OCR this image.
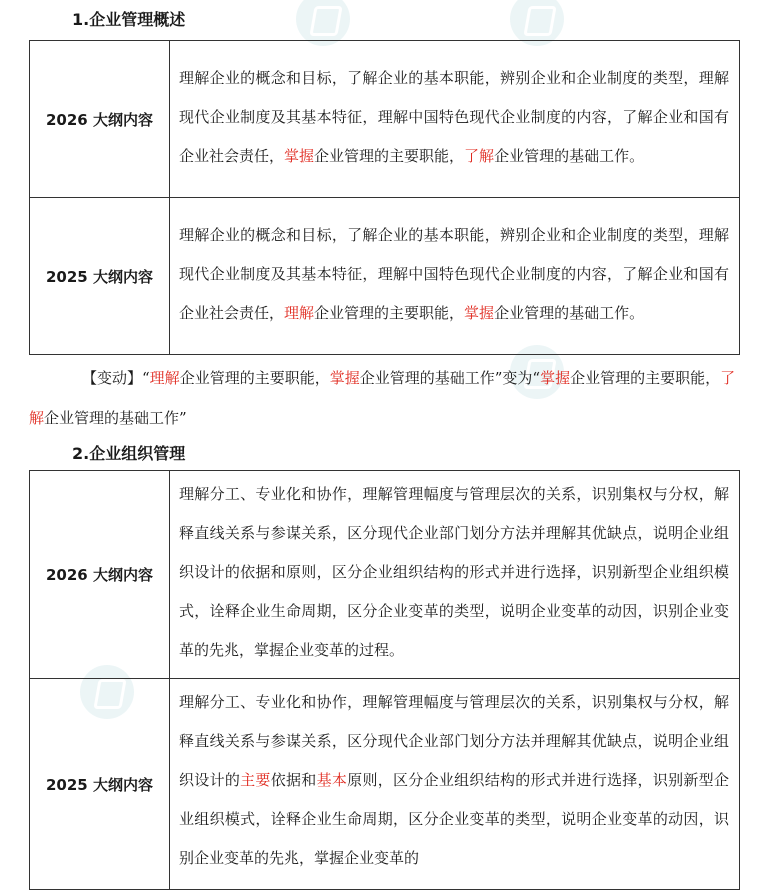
1.企业管理概述
2026 大纲内容	理解企业的概念和目标，了解企业的基本职能，辨别企业和企业制度的类型，理解现代企业制度及其基本特征，理解中国特色现代企业制度的内容，了解企业和国有企业社会责任，掌握企业管理的主要职能，了解企业管理的基础工作。
2025 大纲内容	理解企业的概念和目标，了解企业的基本职能，辨别企业和企业制度的类型，理解现代企业制度及其基本特征，理解中国特色现代企业制度的内容，了解企业和国有企业社会责任，理解企业管理的主要职能，掌握企业管理的基础工作。
【变动】“理解企业管理的主要职能，掌握企业管理的基础工作”变为“掌握企业管理的主要职能，了解企业管理的基础工作”
2.企业组织管理
2026 大纲内容	理解分工、专业化和协作，理解管理幅度与管理层次的关系，识别集权与分权，解释直线关系与参谋关系，区分现代企业部门划分方法并理解其优缺点，说明企业组织设计的依据和原则，区分企业组织结构的形式并进行选择，识别新型企业组织模式，诠释企业生命周期，区分企业变革的类型，说明企业变革的动因，识别企业变革的先兆，掌握企业变革的过程。
2025 大纲内容	理解分工、专业化和协作，理解管理幅度与管理层次的关系，识别集权与分权，解释直线关系与参谋关系，区分现代企业部门划分方法并理解其优缺点，说明企业组织设计的主要依据和基本原则，区分企业组织结构的形式并进行选择，识别新型企业组织模式，诠释企业生命周期，区分企业变革的类型，说明企业变革的动因，识别企业变革的先兆，掌握企业变革的
